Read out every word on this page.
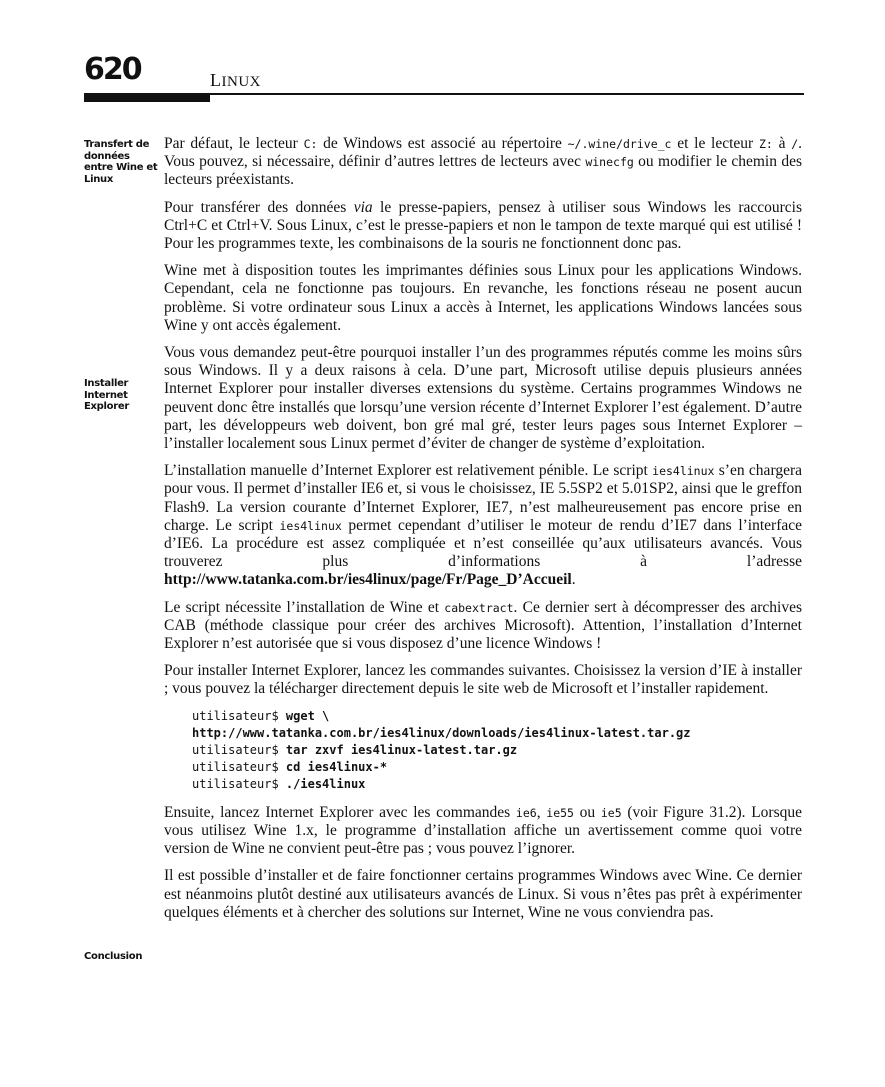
620	LINUX
Transfert de données entre Wine et Linux
Installer Internet Explorer
Conclusion

Par défaut, le lecteur C: de Windows est associé au répertoire ~/.wine/drive_c et le lecteur Z: à /. Vous pouvez, si nécessaire, définir d’autres lettres de lecteurs avec winecfg ou modifier le chemin des lecteurs préexistants.

Pour transférer des données via le presse-papiers, pensez à utiliser sous Windows les raccourcis Ctrl+C et Ctrl+V. Sous Linux, c’est le presse-papiers et non le tampon de texte marqué qui est utilisé ! Pour les programmes texte, les combinaisons de la souris ne fonctionnent donc pas.

Wine met à disposition toutes les imprimantes définies sous Linux pour les applications Windows. Cependant, cela ne fonctionne pas toujours. En revanche, les fonctions réseau ne posent aucun problème. Si votre ordinateur sous Linux a accès à Internet, les applications Windows lancées sous Wine y ont accès également.

Vous vous demandez peut-être pourquoi installer l’un des programmes réputés comme les moins sûrs sous Windows. Il y a deux raisons à cela. D’une part, Microsoft utilise depuis plusieurs années Internet Explorer pour installer diverses extensions du système. Certains programmes Windows ne peuvent donc être installés que lorsqu’une version récente d’Internet Explorer l’est également. D’autre part, les développeurs web doivent, bon gré mal gré, tester leurs pages sous Internet Explorer – l’installer localement sous Linux permet d’éviter de changer de système d’exploitation.

L’installation manuelle d’Internet Explorer est relativement pénible. Le script ies4linux s’en chargera pour vous. Il permet d’installer IE6 et, si vous le choisissez, IE 5.5SP2 et 5.01SP2, ainsi que le greffon Flash9. La version courante d’Internet Explorer, IE7, n’est malheureusement pas encore prise en charge. Le script ies4linux permet cependant d’utiliser le moteur de rendu d’IE7 dans l’interface d’IE6. La procédure est assez compliquée et n’est conseillée qu’aux utilisateurs avancés. Vous trouverez plus d’informations à l’adresse http://www.tatanka.com.br/ies4linux/page/Fr/Page_D’Accueil.

Le script nécessite l’installation de Wine et cabextract. Ce dernier sert à décompresser des archives CAB (méthode classique pour créer des archives Microsoft). Attention, l’installation d’Internet Explorer n’est autorisée que si vous disposez d’une licence Windows !

Pour installer Internet Explorer, lancez les commandes suivantes. Choisissez la version d’IE à installer ; vous pouvez la télécharger directement depuis le site web de Microsoft et l’installer rapidement.

utilisateur$ wget \
http://www.tatanka.com.br/ies4linux/downloads/ies4linux-latest.tar.gz
utilisateur$ tar zxvf ies4linux-latest.tar.gz
utilisateur$ cd ies4linux-*
utilisateur$ ./ies4linux

Ensuite, lancez Internet Explorer avec les commandes ie6, ie55 ou ie5 (voir Figure 31.2). Lorsque vous utilisez Wine 1.x, le programme d’installation affiche un avertissement comme quoi votre version de Wine ne convient peut-être pas ; vous pouvez l’ignorer.

Il est possible d’installer et de faire fonctionner certains programmes Windows avec Wine. Ce dernier est néanmoins plutôt destiné aux utilisateurs avancés de Linux. Si vous n’êtes pas prêt à expérimenter quelques éléments et à chercher des solutions sur Internet, Wine ne vous conviendra pas.
